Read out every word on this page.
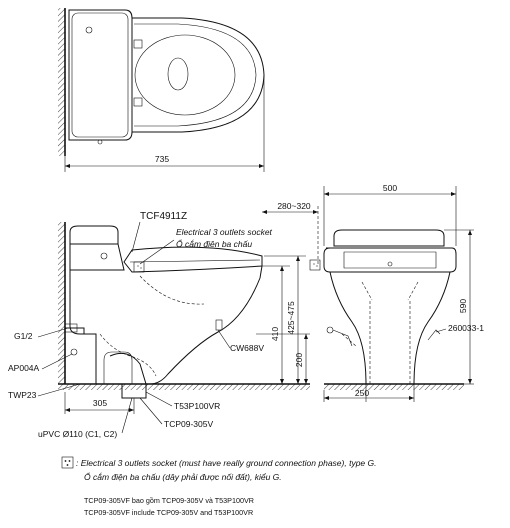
735
410 425~475
200
280~320
305
TCF4911Z
Electrical 3 outlets socket
Ổ cắm điện ba chấu
G1/2
AP004A
TWP23
CW688V
T53P100VR
TCP09-305V
uPVC Ø110 (C1, C2)
500
590
250
260033-1
: Electrical 3 outlets socket (must have really ground connection phase), type G.
Ổ cắm điện ba chấu (dây phải được nối đất), kiểu G.
TCP09-305VF bao gồm TCP09-305V và T53P100VR
TCP09-305VF include TCP09-305V and T53P100VR
